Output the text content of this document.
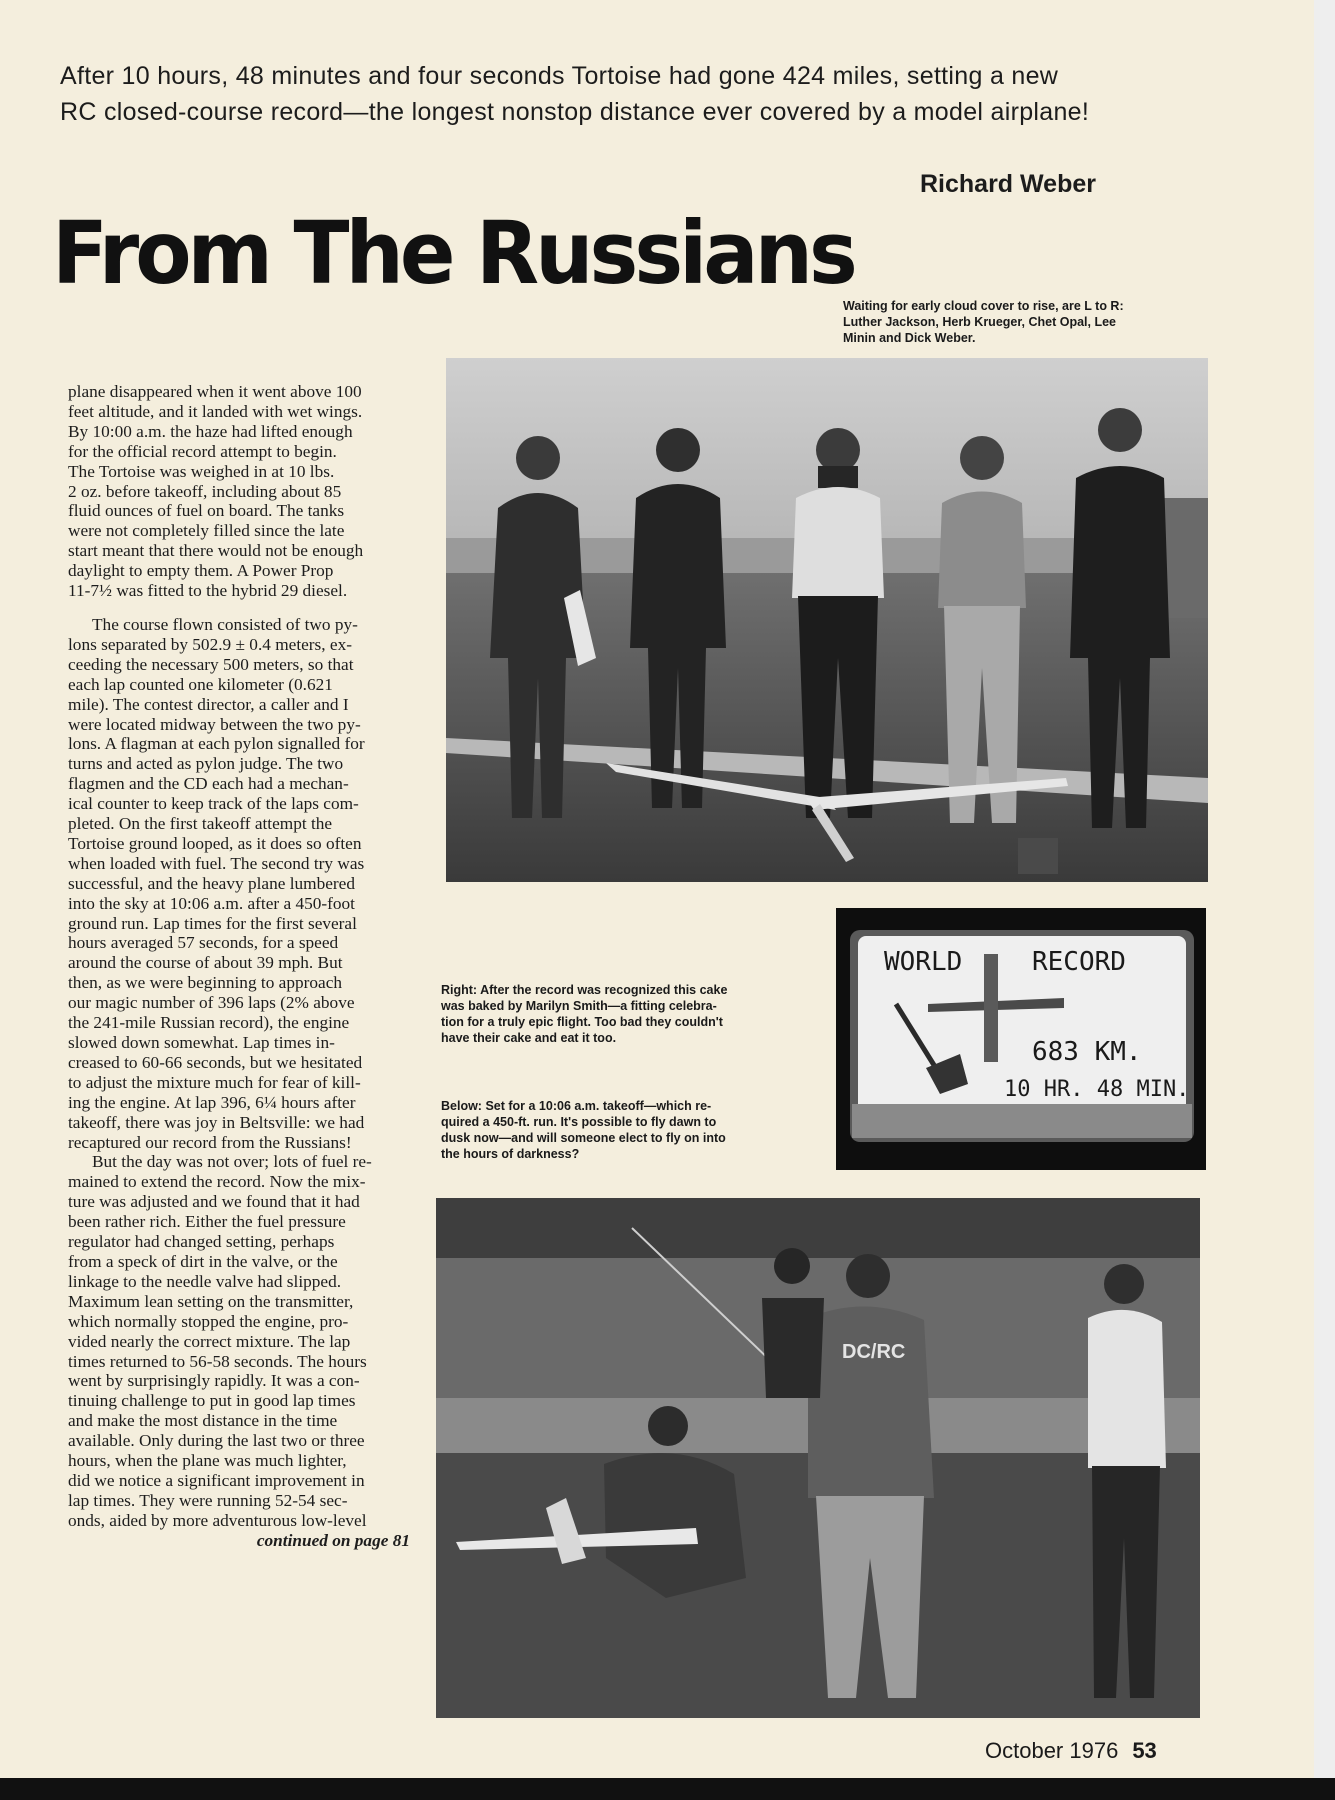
After 10 hours, 48 minutes and four seconds Tortoise had gone 424 miles, setting a new
RC closed-course record—the longest nonstop distance ever covered by a model airplane!
Richard Weber
From The Russians
Waiting for early cloud cover to rise, are L to R:
Luther Jackson, Herb Krueger, Chet Opal, Lee
Minin and Dick Weber.
WORLD	RECORD
683 KM.
10 HR. 48 MIN.
Right: After the record was recognized this cake
was baked by Marilyn Smith—a fitting celebra-
tion for a truly epic flight. Too bad they couldn't
have their cake and eat it too.
Below: Set for a 10:06 a.m. takeoff—which re-
quired a 450-ft. run. It's possible to fly dawn to
dusk now—and will someone elect to fly on into
the hours of darkness?
DC/RC
plane disappeared when it went above 100
feet altitude, and it landed with wet wings.
By 10:00 a.m. the haze had lifted enough
for the official record attempt to begin.
The Tortoise was weighed in at 10 lbs.
2 oz. before takeoff, including about 85
fluid ounces of fuel on board. The tanks
were not completely filled since the late
start meant that there would not be enough
daylight to empty them. A Power Prop
11-7½ was fitted to the hybrid 29 diesel.
The course flown consisted of two py-
lons separated by 502.9 ± 0.4 meters, ex-
ceeding the necessary 500 meters, so that
each lap counted one kilometer (0.621
mile). The contest director, a caller and I
were located midway between the two py-
lons. A flagman at each pylon signalled for
turns and acted as pylon judge. The two
flagmen and the CD each had a mechan-
ical counter to keep track of the laps com-
pleted. On the first takeoff attempt the
Tortoise ground looped, as it does so often
when loaded with fuel. The second try was
successful, and the heavy plane lumbered
into the sky at 10:06 a.m. after a 450-foot
ground run. Lap times for the first several
hours averaged 57 seconds, for a speed
around the course of about 39 mph. But
then, as we were beginning to approach
our magic number of 396 laps (2% above
the 241-mile Russian record), the engine
slowed down somewhat. Lap times in-
creased to 60-66 seconds, but we hesitated
to adjust the mixture much for fear of kill-
ing the engine. At lap 396, 6¼ hours after
takeoff, there was joy in Beltsville: we had
recaptured our record from the Russians!
But the day was not over; lots of fuel re-
mained to extend the record. Now the mix-
ture was adjusted and we found that it had
been rather rich. Either the fuel pressure
regulator had changed setting, perhaps
from a speck of dirt in the valve, or the
linkage to the needle valve had slipped.
Maximum lean setting on the transmitter,
which normally stopped the engine, pro-
vided nearly the correct mixture. The lap
times returned to 56-58 seconds. The hours
went by surprisingly rapidly. It was a con-
tinuing challenge to put in good lap times
and make the most distance in the time
available. Only during the last two or three
hours, when the plane was much lighter,
did we notice a significant improvement in
lap times. They were running 52-54 sec-
onds, aided by more adventurous low-level
continued on page 81
October 1976 53
